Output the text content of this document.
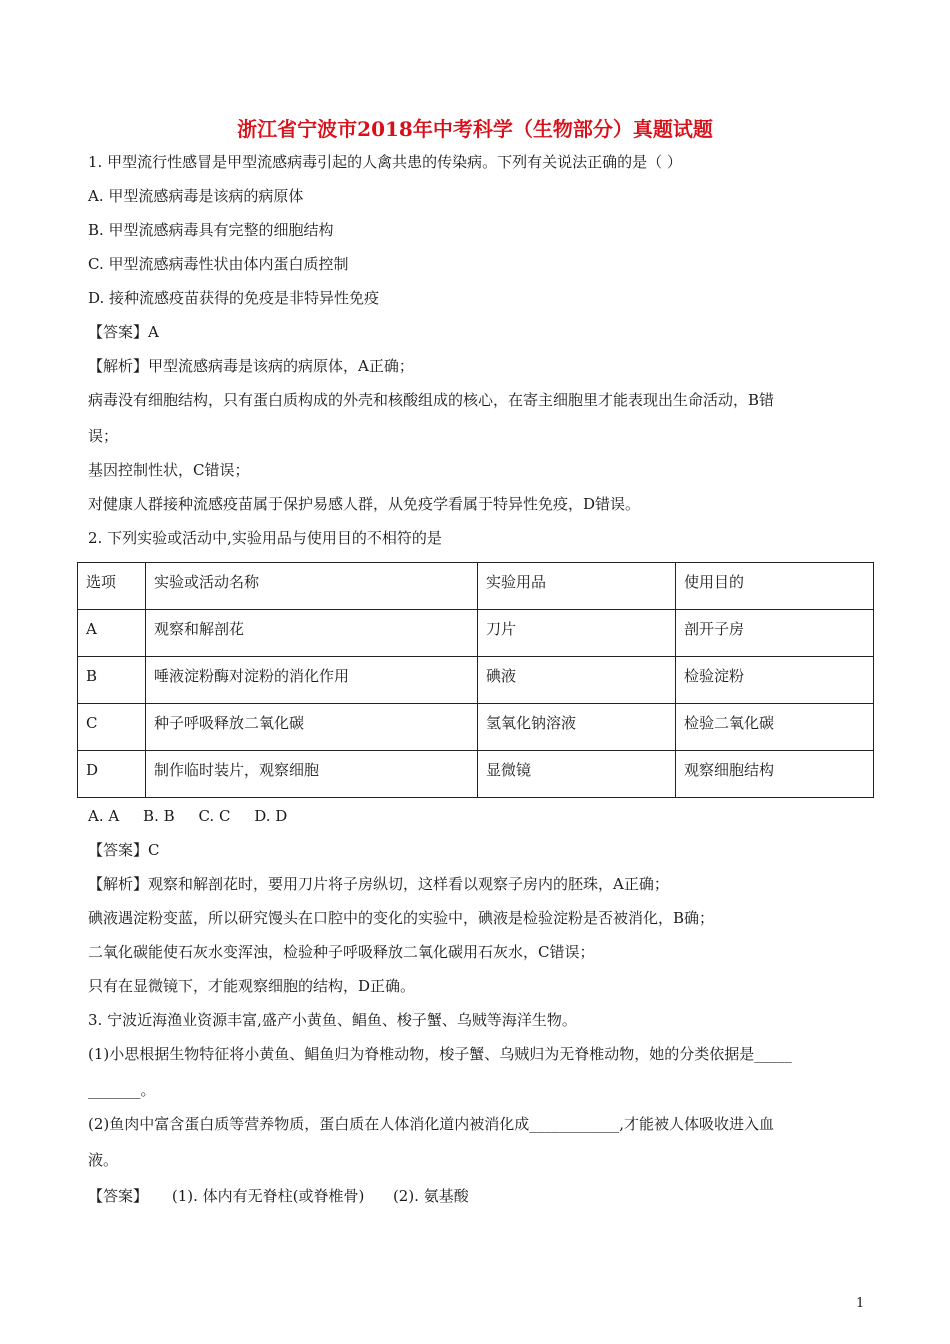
浙江省宁波市2018年中考科学（生物部分）真题试题
1. 甲型流行性感冒是甲型流感病毒引起的人禽共患的传染病。下列有关说法正确的是（ ）
A. 甲型流感病毒是该病的病原体
B. 甲型流感病毒具有完整的细胞结构
C. 甲型流感病毒性状由体内蛋白质控制
D. 接种流感疫苗获得的免疫是非特异性免疫
【答案】A
【解析】甲型流感病毒是该病的病原体，A正确；
病毒没有细胞结构，只有蛋白质构成的外壳和核酸组成的核心，在寄主细胞里才能表现出生命活动，B错
误；
基因控制性状，C错误；
对健康人群接种流感疫苗属于保护易感人群，从免疫学看属于特异性免疫，D错误。
2. 下列实验或活动中,实验用品与使用目的不相符的是
选项	实验或活动名称	实验用品	使用目的
A	观察和解剖花	刀片	剖开子房
B	唾液淀粉酶对淀粉的消化作用	碘液	检验淀粉
C	种子呼吸释放二氧化碳	氢氧化钠溶液	检验二氧化碳
D	制作临时装片，观察细胞	显微镜	观察细胞结构
A. A     B. B     C. C     D. D
【答案】C
【解析】观察和解剖花时，要用刀片将子房纵切，这样看以观察子房内的胚珠，A正确；
碘液遇淀粉变蓝，所以研究馒头在口腔中的变化的实验中，碘液是检验淀粉是否被消化，B确；
二氧化碳能使石灰水变浑浊，检验种子呼吸释放二氧化碳用石灰水，C错误；
只有在显微镜下，才能观察细胞的结构，D正确。
3. 宁波近海渔业资源丰富,盛产小黄鱼、鲳鱼、梭子蟹、乌贼等海洋生物。
(1)小思根据生物特征将小黄鱼、鲳鱼归为脊椎动物，梭子蟹、乌贼归为无脊椎动物，她的分类依据是_____
_______。
(2)鱼肉中富含蛋白质等营养物质，蛋白质在人体消化道内被消化成____________,才能被人体吸收进入血
液。
【答案】     (1). 体内有无脊柱(或脊椎骨)      (2). 氨基酸
1
